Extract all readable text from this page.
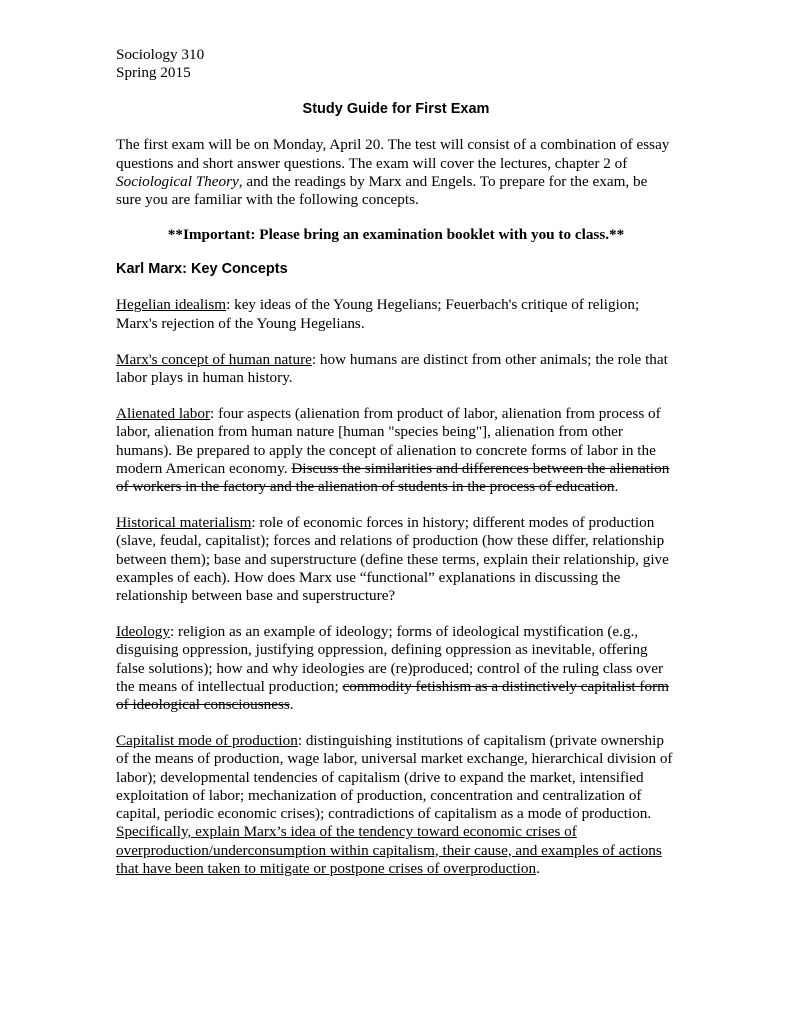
Sociology 310
Spring 2015
Study Guide for First Exam

The first exam will be on Monday, April 20. The test will consist of a combination of essay questions and short answer questions. The exam will cover the lectures, chapter 2 of Sociological Theory, and the readings by Marx and Engels. To prepare for the exam, be sure you are familiar with the following concepts.

**Important: Please bring an examination booklet with you to class.**

Karl Marx: Key Concepts

Hegelian idealism: key ideas of the Young Hegelians; Feuerbach's critique of religion; Marx's rejection of the Young Hegelians.

Marx's concept of human nature: how humans are distinct from other animals; the role that labor plays in human history.

Alienated labor: four aspects (alienation from product of labor, alienation from process of labor, alienation from human nature [human "species being"], alienation from other humans). Be prepared to apply the concept of alienation to concrete forms of labor in the modern American economy. Discuss the similarities and differences between the alienation of workers in the factory and the alienation of students in the process of education.

Historical materialism: role of economic forces in history; different modes of production (slave, feudal, capitalist); forces and relations of production (how these differ, relationship between them); base and superstructure (define these terms, explain their relationship, give examples of each). How does Marx use “functional” explanations in discussing the relationship between base and superstructure?

Ideology: religion as an example of ideology; forms of ideological mystification (e.g., disguising oppression, justifying oppression, defining oppression as inevitable, offering false solutions); how and why ideologies are (re)produced; control of the ruling class over the means of intellectual production; commodity fetishism as a distinctively capitalist form of ideological consciousness.

Capitalist mode of production: distinguishing institutions of capitalism (private ownership of the means of production, wage labor, universal market exchange, hierarchical division of labor); developmental tendencies of capitalism (drive to expand the market, intensified exploitation of labor; mechanization of production, concentration and centralization of capital, periodic economic crises); contradictions of capitalism as a mode of production. Specifically, explain Marx’s idea of the tendency toward economic crises of overproduction/underconsumption within capitalism, their cause, and examples of actions that have been taken to mitigate or postpone crises of overproduction.
